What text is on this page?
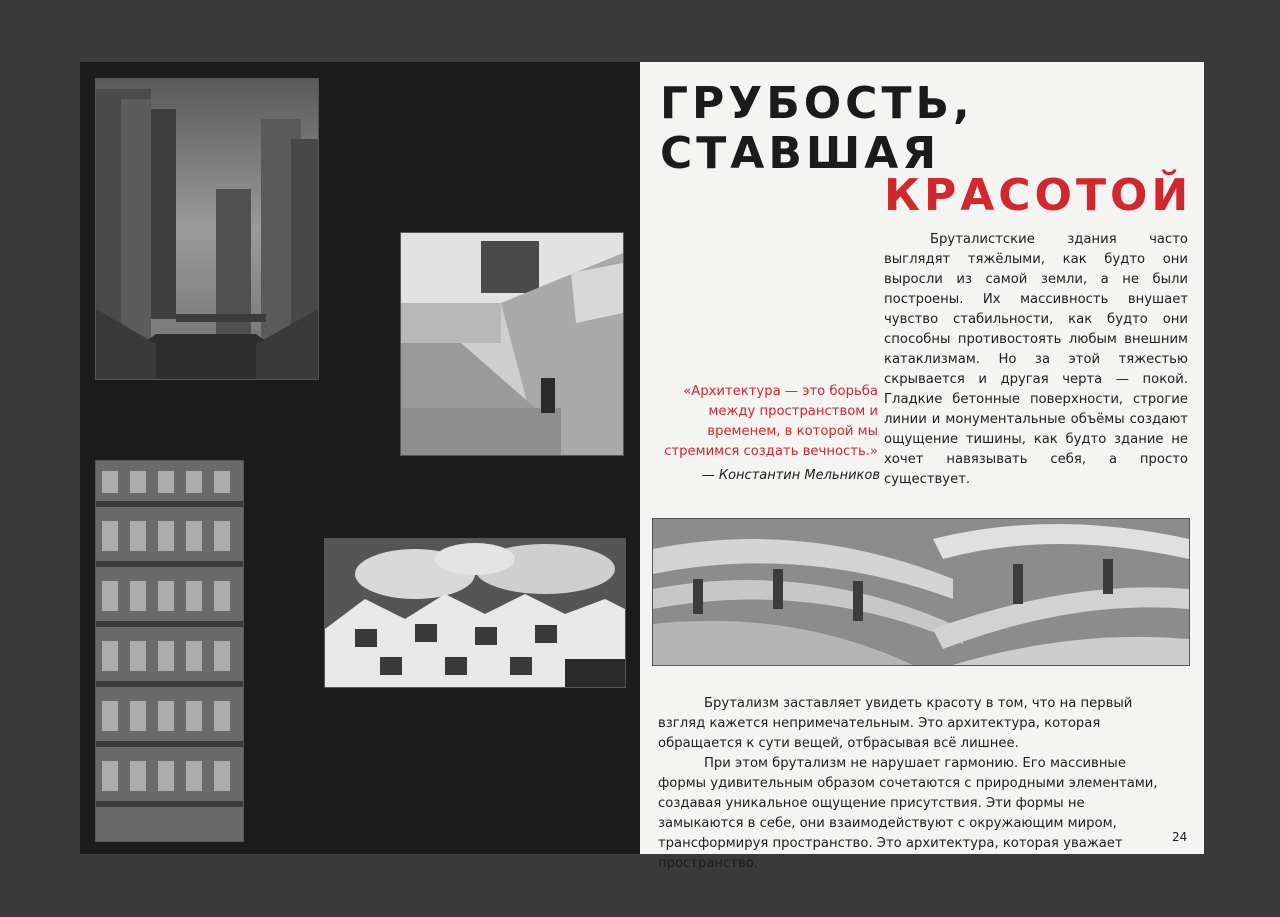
ГРУБОСТЬ,
СТАВШАЯ
КРАСОТОЙ

Бруталистские здания часто выглядят тяжёлыми, как будто они выросли из самой земли, а не были построены. Их массивность внушает чувство стабильности, как будто они способны противостоять любым внешним катаклизмам. Но за этой тяжестью скрывается и другая черта — покой. Гладкие бетонные поверхности, строгие линии и монументальные объёмы создают ощущение тишины, как будто здание не хочет навязывать себя, а просто существует.

«Архитектура — это борьба между пространством и временем, в которой мы стремимся создать вечность.»
— Константин Мельников

Брутализм заставляет увидеть красоту в том, что на первый взгляд кажется непримечательным. Это архитектура, которая обращается к сути вещей, отбрасывая всё лишнее.

При этом брутализм не нарушает гармонию. Его массивные формы удивительным образом сочетаются с природными элементами, создавая уникальное ощущение присутствия. Эти формы не замыкаются в себе, они взаимодействуют с окружающим миром, трансформируя пространство. Это архитектура, которая уважает пространство.

24
